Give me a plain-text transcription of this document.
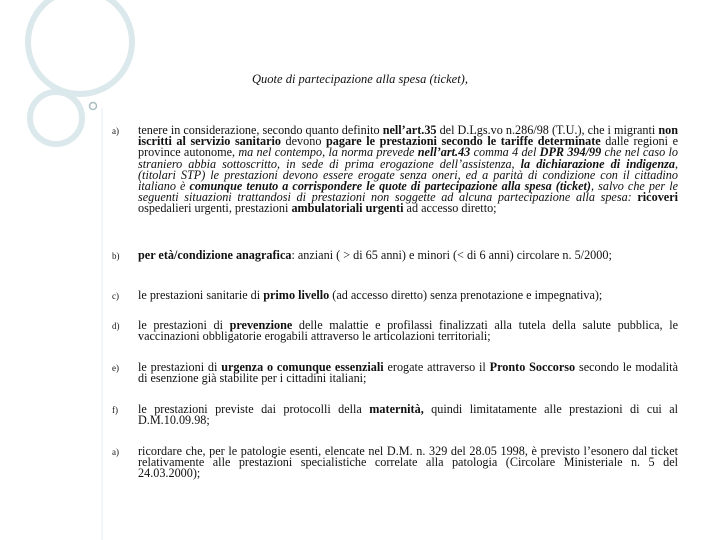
Quote di partecipazione alla spesa (ticket),
a) tenere in considerazione, secondo quanto definito nell’art.35 del D.Lgs.vo n.286/98 (T.U.), che i migranti non iscritti al servizio sanitario devono pagare le prestazioni secondo le tariffe determinate dalle regioni e province autonome, ma nel contempo, la norma prevede nell’art.43 comma 4 del DPR 394/99 che nel caso lo straniero abbia sottoscritto, in sede di prima erogazione dell’assistenza, la dichiarazione di indigenza, (titolari STP) le prestazioni devono essere erogate senza oneri, ed a parità di condizione con il cittadino italiano è comunque tenuto a corrispondere le quote di partecipazione alla spesa (ticket), salvo che per le seguenti situazioni trattandosi di prestazioni non soggette ad alcuna partecipazione alla spesa: ricoveri ospedalieri urgenti, prestazioni ambulatoriali urgenti ad accesso diretto;
b) per età/condizione anagrafica: anziani ( > di 65 anni) e minori (< di 6 anni) circolare n. 5/2000;
c) le prestazioni sanitarie di primo livello (ad accesso diretto) senza prenotazione e impegnativa);
d) le prestazioni di prevenzione delle malattie e profilassi finalizzati alla tutela della salute pubblica, le vaccinazioni obbligatorie erogabili attraverso le articolazioni territoriali;
e) le prestazioni di urgenza o comunque essenziali erogate attraverso il Pronto Soccorso secondo le modalità di esenzione già stabilite per i cittadini italiani;
f) le prestazioni previste dai protocolli della maternità, quindi limitatamente alle prestazioni di cui al D.M.10.09.98;
a) ricordare che, per le patologie esenti, elencate nel D.M. n. 329 del 28.05 1998, è previsto l’esonero dal ticket relativamente alle prestazioni specialistiche correlate alla patologia (Circolare Ministeriale n. 5 del 24.03.2000);
